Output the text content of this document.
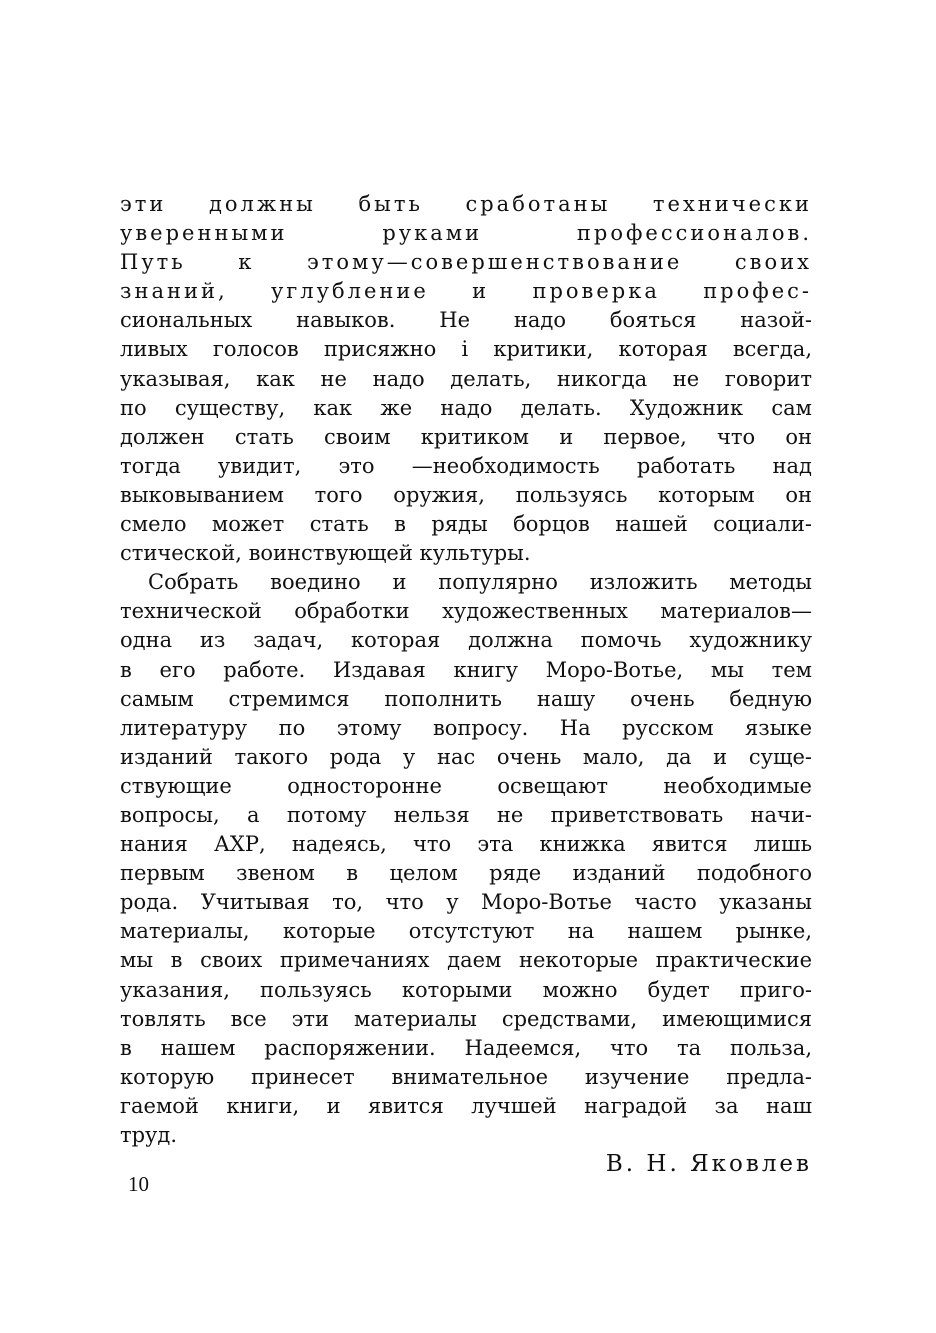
эти должны быть сработаны технически
уверенными руками профессионалов.
Путь к этому—совершенствование своих
знаний, углубление и проверка профес-
сиональных навыков. Не надо бояться назой-
ливых голосов присяжно і критики, которая всегда,
указывая, как не надо делать, никогда не говорит
по существу, как же надо делать. Художник сам
должен стать своим критиком и первое, что он
тогда увидит, это —необходимость работать над
выковыванием того оружия, пользуясь которым он
смело может стать в ряды борцов нашей социали-
стической, воинствующей культуры.
Собрать воедино и популярно изложить методы
технической обработки художественных материалов—
одна из задач, которая должна помочь художнику
в его работе. Издавая книгу Моро-Вотье, мы тем
самым стремимся пополнить нашу очень бедную
литературу по этому вопросу. На русском языке
изданий такого рода у нас очень мало, да и суще-
ствующие односторонне освещают необходимые
вопросы, а потому нельзя не приветствовать начи-
нания АХР, надеясь, что эта книжка явится лишь
первым звеном в целом ряде изданий подобного
рода. Учитывая то, что у Моро-Вотье часто указаны
материалы, которые отсутстуют на нашем рынке,
мы в своих примечаниях даем некоторые практические
указания, пользуясь которыми можно будет приго-
товлять все эти материалы средствами, имеющимися
в нашем распоряжении. Надеемся, что та польза,
которую принесет внимательное изучение предла-
гаемой книги, и явится лучшей наградой за наш
труд.
В. Н. Яковлев
10
